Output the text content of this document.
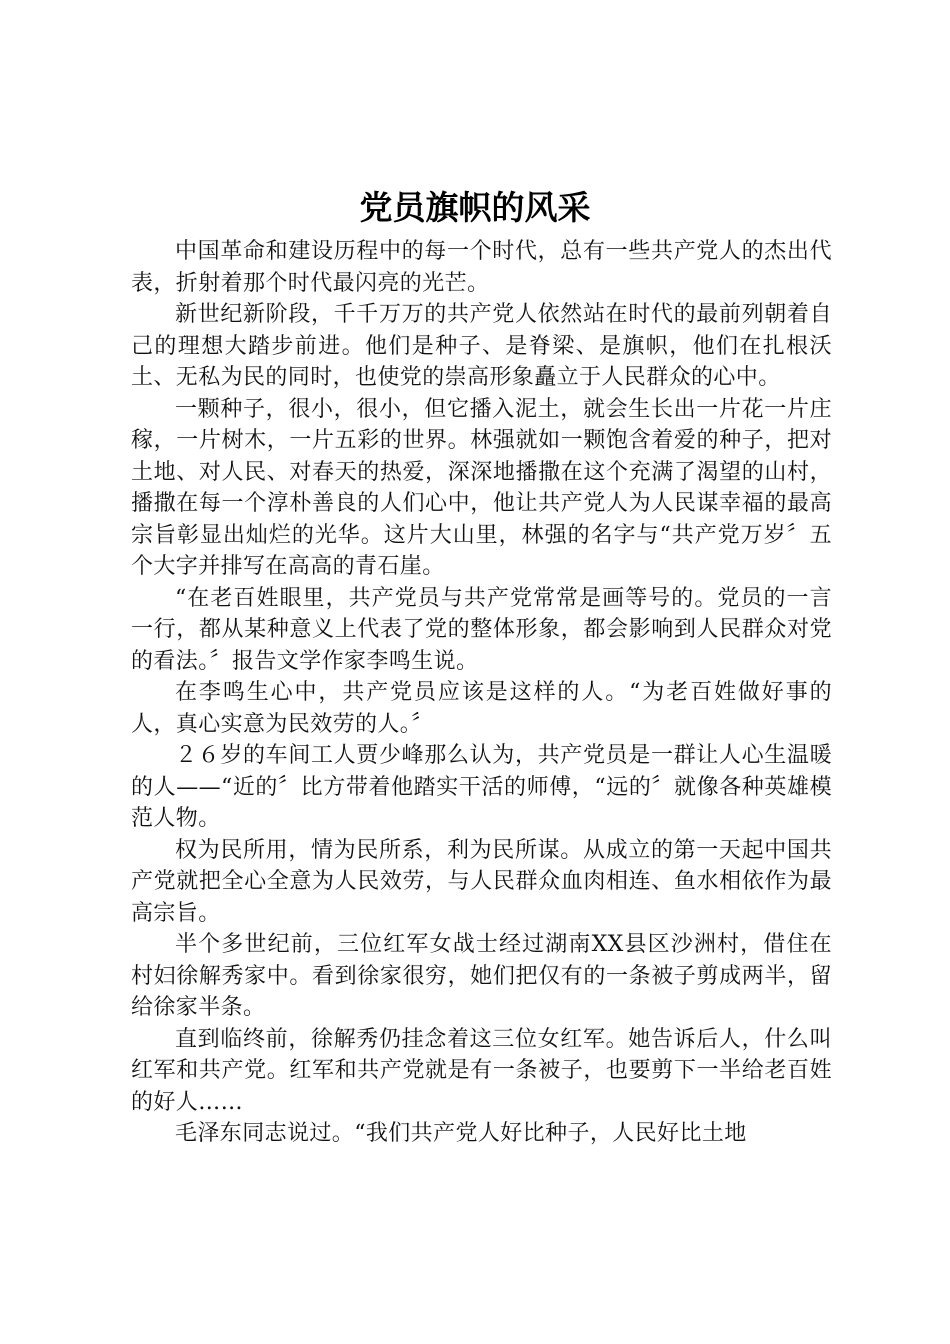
党员旗帜的风采

中国革命和建设历程中的每一个时代，总有一些共产党人的杰出代表，折射着那个时代最闪亮的光芒。

新世纪新阶段，千千万万的共产党人依然站在时代的最前列朝着自己的理想大踏步前进。他们是种子、是脊梁、是旗帜，他们在扎根沃土、无私为民的同时，也使党的崇高形象矗立于人民群众的心中。

一颗种子，很小，很小，但它播入泥土，就会生长出一片花一片庄稼，一片树木，一片五彩的世界。林强就如一颗饱含着爱的种子，把对土地、对人民、对春天的热爱，深深地播撒在这个充满了渴望的山村，播撒在每一个淳朴善良的人们心中，他让共产党人为人民谋幸福的最高宗旨彰显出灿烂的光华。这片大山里，林强的名字与“共产党万岁〞五个大字并排写在高高的青石崖。

“在老百姓眼里，共产党员与共产党常常是画等号的。党员的一言一行，都从某种意义上代表了党的整体形象，都会影响到人民群众对党的看法。〞报告文学作家李鸣生说。

在李鸣生心中，共产党员应该是这样的人。“为老百姓做好事的人，真心实意为民效劳的人。〞

２６岁的车间工人贾少峰那么认为，共产党员是一群让人心生温暖的人——“近的〞比方带着他踏实干活的师傅，“远的〞就像各种英雄模范人物。

权为民所用，情为民所系，利为民所谋。从成立的第一天起中国共产党就把全心全意为人民效劳，与人民群众血肉相连、鱼水相依作为最高宗旨。

半个多世纪前，三位红军女战士经过湖南XX县区沙洲村，借住在村妇徐解秀家中。看到徐家很穷，她们把仅有的一条被子剪成两半，留给徐家半条。

直到临终前，徐解秀仍挂念着这三位女红军。她告诉后人，什么叫红军和共产党。红军和共产党就是有一条被子，也要剪下一半给老百姓的好人……

毛泽东同志说过。“我们共产党人好比种子，人民好比土地
